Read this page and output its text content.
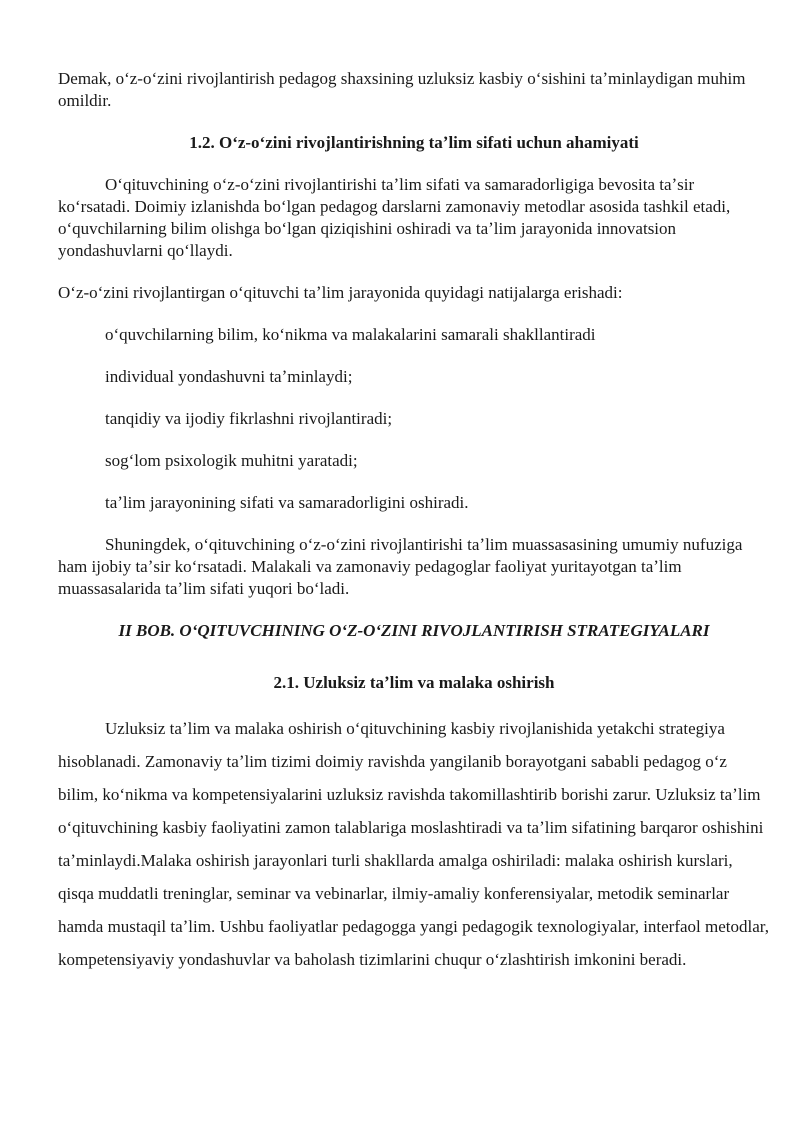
Demak, oʻz-oʻzini rivojlantirish pedagog shaxsining uzluksiz kasbiy oʻsishini taʼminlaydigan muhim omildir.

1.2. Oʻz-oʻzini rivojlantirishning taʼlim sifati uchun ahamiyati

Oʻqituvchining oʻz-oʻzini rivojlantirishi taʼlim sifati va samaradorligiga bevosita taʼsir koʻrsatadi. Doimiy izlanishda boʻlgan pedagog darslarni zamonaviy metodlar asosida tashkil etadi, oʻquvchilarning bilim olishga boʻlgan qiziqishini oshiradi va taʼlim jarayonida innovatsion yondashuvlarni qoʻllaydi.

Oʻz-oʻzini rivojlantirgan oʻqituvchi taʼlim jarayonida quyidagi natijalarga erishadi:

oʻquvchilarning bilim, koʻnikma va malakalarini samarali shakllantiradi

individual yondashuvni taʼminlaydi;

tanqidiy va ijodiy fikrlashni rivojlantiradi;

sogʻlom psixologik muhitni yaratadi;

taʼlim jarayonining sifati va samaradorligini oshiradi.

Shuningdek, oʻqituvchining oʻz-oʻzini rivojlantirishi taʼlim muassasasining umumiy nufuziga ham ijobiy taʼsir koʻrsatadi. Malakali va zamonaviy pedagoglar faoliyat yuritayotgan taʼlim muassasalarida taʼlim sifati yuqori boʻladi.

II BOB. OʻQITUVCHINING OʻZ-OʻZINI RIVOJLANTIRISH STRATEGIYALARI

2.1. Uzluksiz taʼlim va malaka oshirish

Uzluksiz taʼlim va malaka oshirish oʻqituvchining kasbiy rivojlanishida yetakchi strategiya hisoblanadi. Zamonaviy taʼlim tizimi doimiy ravishda yangilanib borayotgani sababli pedagog oʻz bilim, koʻnikma va kompetensiyalarini uzluksiz ravishda takomillashtirib borishi zarur. Uzluksiz taʼlim oʻqituvchining kasbiy faoliyatini zamon talablariga moslashtiradi va taʼlim sifatining barqaror oshishini taʼminlaydi.Malaka oshirish jarayonlari turli shakllarda amalga oshiriladi: malaka oshirish kurslari, qisqa muddatli treninglar, seminar va vebinarlar, ilmiy-amaliy konferensiyalar, metodik seminarlar hamda mustaqil taʼlim. Ushbu faoliyatlar pedagogga yangi pedagogik texnologiyalar, interfaol metodlar, kompetensiyaviy yondashuvlar va baholash tizimlarini chuqur oʻzlashtirish imkonini beradi.
